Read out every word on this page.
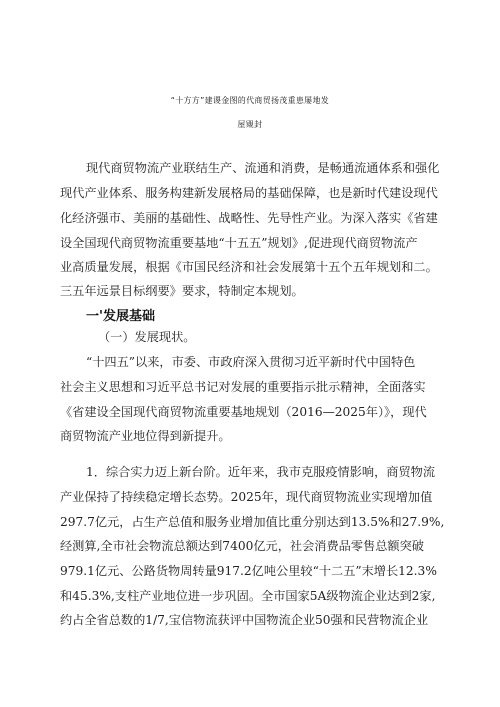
“十方方”建谡金图的代商贸扬茂重患屡地发
屋覭封
现代商贸物流产业联结生产、流通和消费，是畅通流通体系和强化
现代产业体系、服务构建新发展格局的基础保障，也是新时代建设现代
化经济强市、美丽的基础性、战略性、先导性产业。为深入落实《省建
设全国现代商贸物流重要基地“十五五”规划》,促进现代商贸物流产
业高质量发展，根据《市国民经济和社会发展第十五个五年规划和二。
三五年远景目标纲要》要求，特制定本规划。
一'发展基础
（一）发展现状。
“十四五”以来，市委、市政府深入贯彻习近平新时代中国特色
社会主义思想和习近平总书记对发展的重要指示批示精神，全面落实
《省建设全国现代商贸物流重要基地规划（2016—2025年）》，现代
商贸物流产业地位得到新提升。
1．综合实力迈上新台阶。近年来，我市克服疫情影响，商贸物流
产业保持了持续稳定增长态势。2025年，现代商贸物流业实现增加值
297.7亿元，占生产总值和服务业增加值比重分别达到13.5%和27.9%,
经测算,全市社会物流总额达到7400亿元，社会消费品零售总额突破
979.1亿元、公路货物周转量917.2亿吨公里较“十二五”末增长12.3%
和45.3%,支柱产业地位进一步巩固。全市国家5A级物流企业达到2家,
约占全省总数的1/7,宝信物流获评中国物流企业50强和民营物流企业
